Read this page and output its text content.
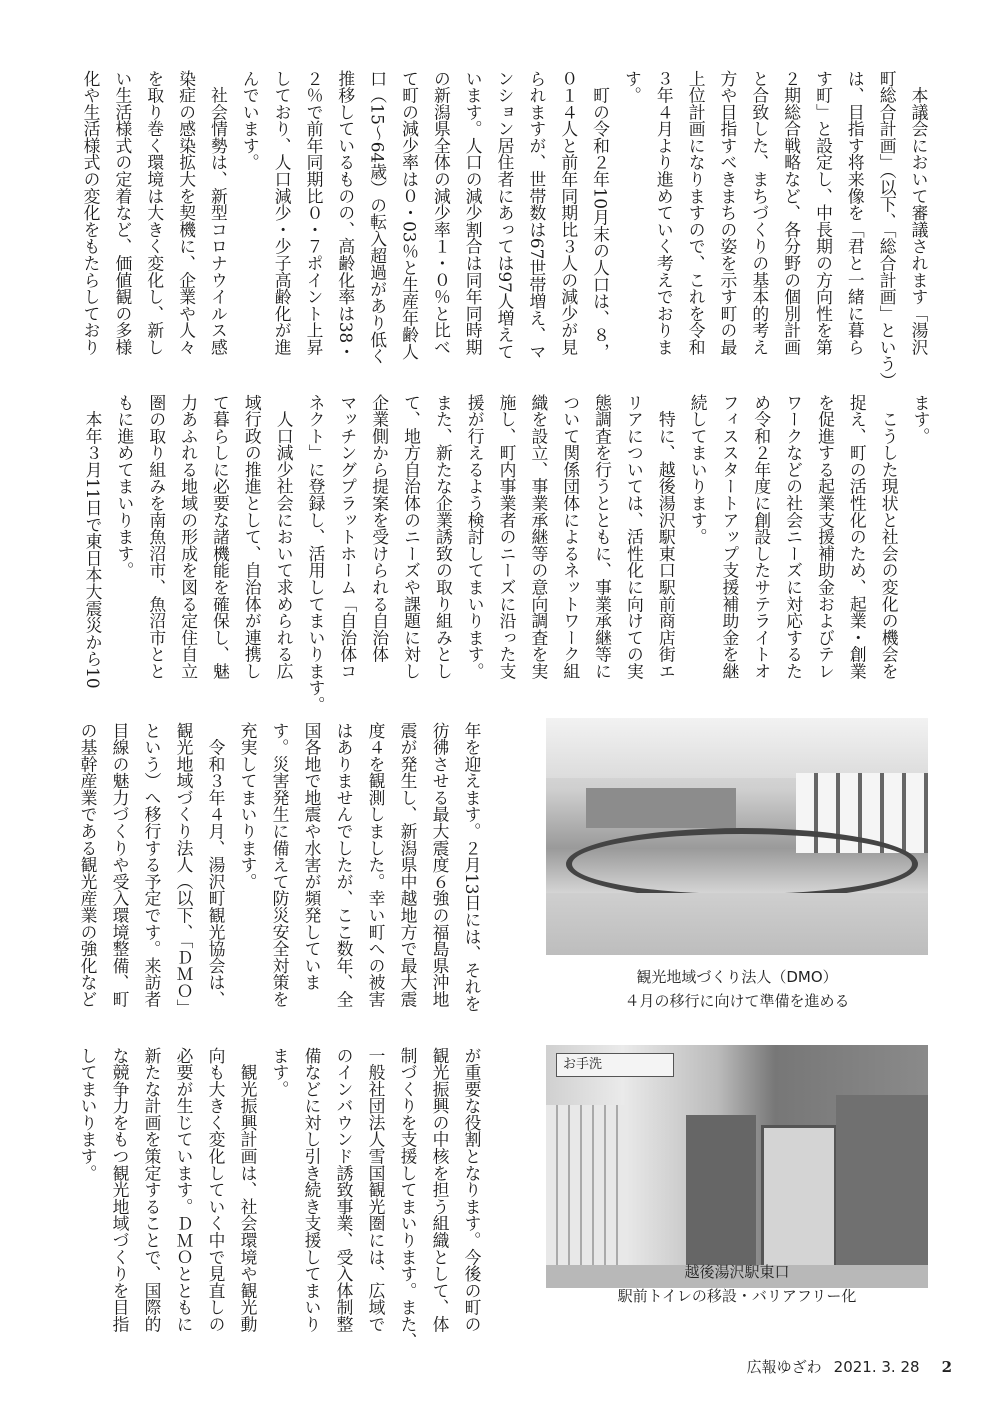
　本議会において審議されます「湯沢
町総合計画」（以下、「総合計画」という）
は、目指す将来像を「君と一緒に暮ら
す町」と設定し、中長期の方向性を第
２期総合戦略など、各分野の個別計画
と合致した、まちづくりの基本的考え
方や目指すべきまちの姿を示す町の最
上位計画になりますので、これを令和
３年４月より進めていく考えでおりま
す。
　町の令和２年10月末の人口は、８，
０１４人と前年同期比３人の減少が見
られますが、世帯数は67世帯増え、マ
ンション居住者にあっては97人増えて
います。人口の減少割合は同年同時期
の新潟県全体の減少率１・０％と比べ
て町の減少率は０・03％と生産年齢人
口（15～64歳）の転入超過があり低く
推移しているものの、高齢化率は38・
２％で前年同期比０・７ポイント上昇
しており、人口減少・少子高齢化が進
んでいます。
　社会情勢は、新型コロナウイルス感
染症の感染拡大を契機に、企業や人々
を取り巻く環境は大きく変化し、新し
い生活様式の定着など、価値観の多様
化や生活様式の変化をもたらしており
ます。
　こうした現状と社会の変化の機会を
捉え、町の活性化のため、起業・創業
を促進する起業支援補助金およびテレ
ワークなどの社会ニーズに対応するた
め令和２年度に創設したサテライトオ
フィススタートアップ支援補助金を継
続してまいります。
　特に、越後湯沢駅東口駅前商店街エ
リアについては、活性化に向けての実
態調査を行うとともに、事業承継等に
ついて関係団体によるネットワーク組
織を設立、事業承継等の意向調査を実
施し、町内事業者のニーズに沿った支
援が行えるよう検討してまいります。
また、新たな企業誘致の取り組みとし
て、地方自治体のニーズや課題に対し
企業側から提案を受けられる自治体
マッチングプラットホーム「自治体コ
ネクト」に登録し、活用してまいります。
　人口減少社会において求められる広
域行政の推進として、自治体が連携し
て暮らしに必要な諸機能を確保し、魅
力あふれる地域の形成を図る定住自立
圏の取り組みを南魚沼市、魚沼市とと
もに進めてまいります。
　本年３月11日で東日本大震災から10
年を迎えます。２月13日には、それを
彷彿させる最大震度６強の福島県沖地
震が発生し、新潟県中越地方で最大震
度４を観測しました。幸い町への被害
はありませんでしたが、ここ数年、全
国各地で地震や水害が頻発していま
す。災害発生に備えて防災安全対策を
充実してまいります。
　令和３年４月、湯沢町観光協会は、
観光地域づくり法人（以下、「ＤＭＯ」
という）へ移行する予定です。来訪者
目線の魅力づくりや受入環境整備、町
の基幹産業である観光産業の強化など
が重要な役割となります。今後の町の
観光振興の中核を担う組織として、体
制づくりを支援してまいります。また、
一般社団法人雪国観光圏には、広域で
のインバウンド誘致事業、受入体制整
備などに対し引き続き支援してまいり
ます。
　観光振興計画は、社会環境や観光動
向も大きく変化していく中で見直しの
必要が生じています。ＤＭＯとともに
新たな計画を策定することで、国際的
な競争力をもつ観光地域づくりを目指
してまいります。
観光地域づくり法人（DMO）
４月の移行に向けて準備を進める
お手洗
越後湯沢駅東口
駅前トイレの移設・バリアフリー化
広報ゆざわ 2021. 3. 28 2
